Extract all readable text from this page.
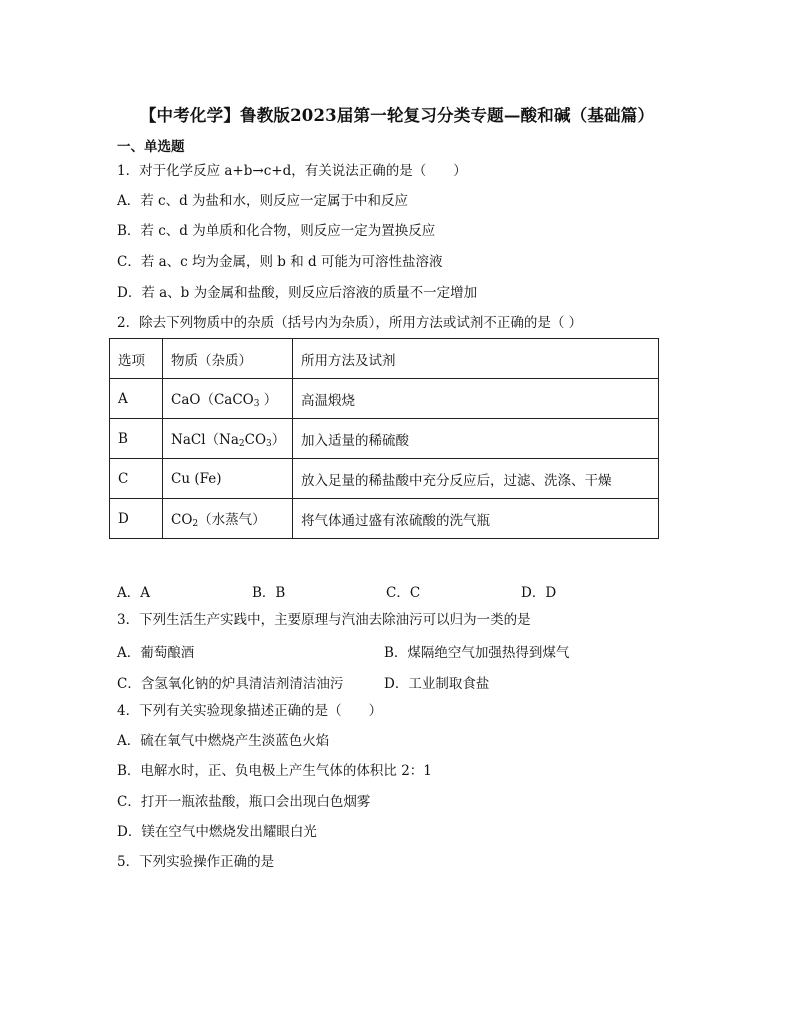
【中考化学】鲁教版2023届第一轮复习分类专题—酸和碱（基础篇）
一、单选题
1．对于化学反应 a+b→c+d，有关说法正确的是（　　）
A．若 c、d 为盐和水，则反应一定属于中和反应
B．若 c、d 为单质和化合物，则反应一定为置换反应
C．若 a、c 均为金属，则 b 和 d 可能为可溶性盐溶液
D．若 a、b 为金属和盐酸，则反应后溶液的质量不一定增加
2．除去下列物质中的杂质（括号内为杂质），所用方法或试剂不正确的是（ ）
选项	物质（杂质）	所用方法及试剂
A	CaO（CaCO$_3$ ）	高温煅烧
B	$NaCl(Na_2CO_3)$	加入适量的稀硫酸
C	Cu (Fe)	放入足量的稀盐酸中充分反应后，过滤、洗涤、干燥
D	$CO_2$（水蒸气）	将气体通过盛有浓硫酸的洗气瓶
A．A	B．B	C．C	D．D
3．下列生活生产实践中，主要原理与汽油去除油污可以归为一类的是
A．葡萄酿酒	B．煤隔绝空气加强热得到煤气
C．含氢氧化钠的炉具清洁剂清洁油污	D．工业制取食盐
4．下列有关实验现象描述正确的是（　　）
A．硫在氧气中燃烧产生淡蓝色火焰
B．电解水时，正、负电极上产生气体的体积比 2：1
C．打开一瓶浓盐酸，瓶口会出现白色烟雾
D．镁在空气中燃烧发出耀眼白光
5．下列实验操作正确的是
